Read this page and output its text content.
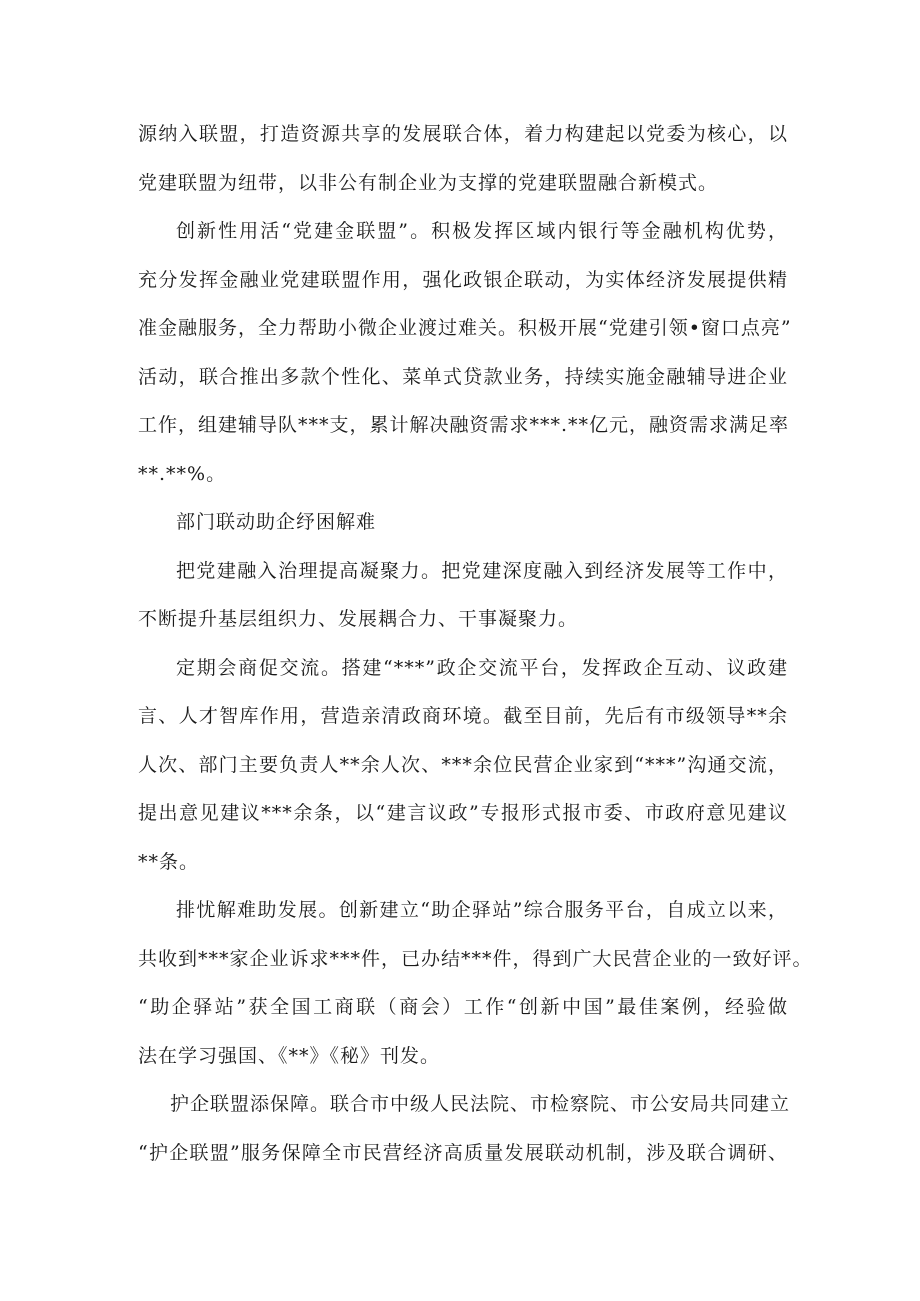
源纳入联盟，打造资源共享的发展联合体，着力构建起以党委为核心，以
党建联盟为纽带，以非公有制企业为支撑的党建联盟融合新模式。
创新性用活“党建金联盟”。积极发挥区域内银行等金融机构优势，
充分发挥金融业党建联盟作用，强化政银企联动，为实体经济发展提供精
准金融服务，全力帮助小微企业渡过难关。积极开展“党建引领•窗口点亮”
活动，联合推出多款个性化、菜单式贷款业务，持续实施金融辅导进企业
工作，组建辅导队***支，累计解决融资需求***.**亿元，融资需求满足率
**.**%。
部门联动助企纾困解难
把党建融入治理提高凝聚力。把党建深度融入到经济发展等工作中，
不断提升基层组织力、发展耦合力、干事凝聚力。
定期会商促交流。搭建“***”政企交流平台，发挥政企互动、议政建
言、人才智库作用，营造亲清政商环境。截至目前，先后有市级领导**余
人次、部门主要负责人**余人次、***余位民营企业家到“***”沟通交流，
提出意见建议***余条，以“建言议政”专报形式报市委、市政府意见建议
**条。
排忧解难助发展。创新建立“助企驿站”综合服务平台，自成立以来，
共收到***家企业诉求***件，已办结***件，得到广大民营企业的一致好评。
“助企驿站”获全国工商联（商会）工作“创新中国”最佳案例，经验做
法在学习强国、《**》《秘》刊发。
护企联盟添保障。联合市中级人民法院、市检察院、市公安局共同建立
“护企联盟”服务保障全市民营经济高质量发展联动机制，涉及联合调研、
